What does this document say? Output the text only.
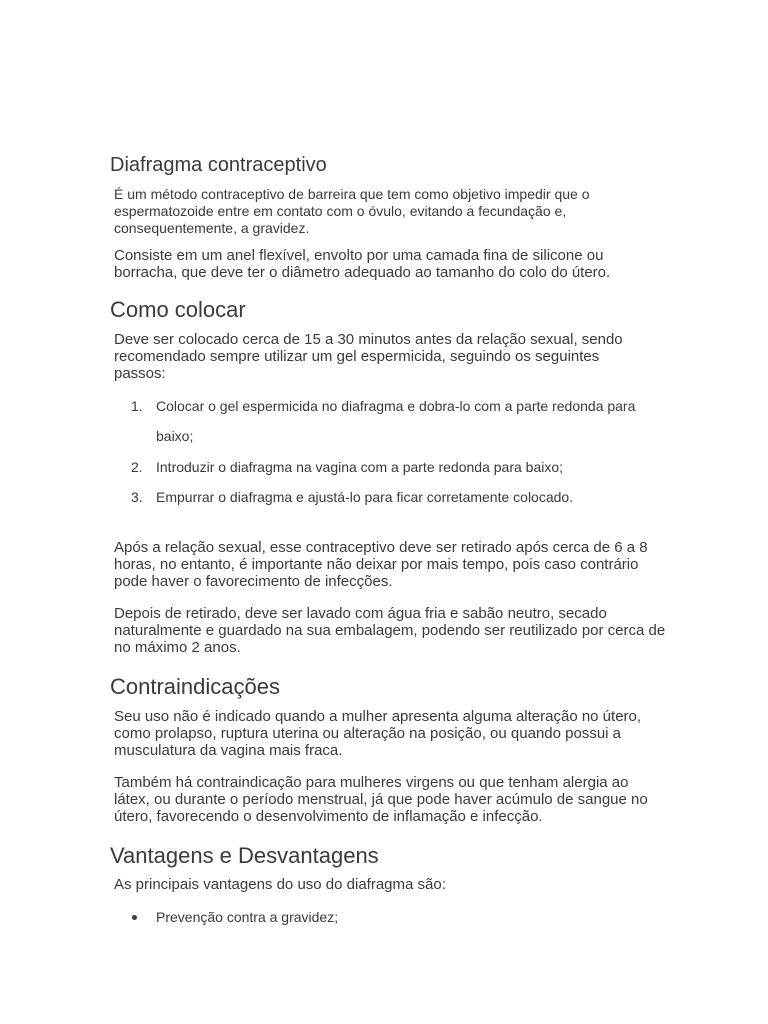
Diafragma contraceptivo

É um método contraceptivo de barreira que tem como objetivo impedir que o espermatozoide entre em contato com o óvulo, evitando a fecundação e, consequentemente, a gravidez.

Consiste em um anel flexível, envolto por uma camada fina de silicone ou borracha, que deve ter o diâmetro adequado ao tamanho do colo do útero.

Como colocar

Deve ser colocado cerca de 15 a 30 minutos antes da relação sexual, sendo recomendado sempre utilizar um gel espermicida, seguindo os seguintes passos:

1. Colocar o gel espermicida no diafragma e dobra-lo com a parte redonda para
baixo;
2. Introduzir o diafragma na vagina com a parte redonda para baixo;
3. Empurrar o diafragma e ajustá-lo para ficar corretamente colocado.

Após a relação sexual, esse contraceptivo deve ser retirado após cerca de 6 a 8 horas, no entanto, é importante não deixar por mais tempo, pois caso contrário pode haver o favorecimento de infecções.

Depois de retirado, deve ser lavado com água fria e sabão neutro, secado naturalmente e guardado na sua embalagem, podendo ser reutilizado por cerca de no máximo 2 anos.

Contraindicações

Seu uso não é indicado quando a mulher apresenta alguma alteração no útero, como prolapso, ruptura uterina ou alteração na posição, ou quando possui a musculatura da vagina mais fraca.

Também há contraindicação para mulheres virgens ou que tenham alergia ao látex, ou durante o período menstrual, já que pode haver acúmulo de sangue no útero, favorecendo o desenvolvimento de inflamação e infecção.

Vantagens e Desvantagens

As principais vantagens do uso do diafragma são:

Prevenção contra a gravidez;
